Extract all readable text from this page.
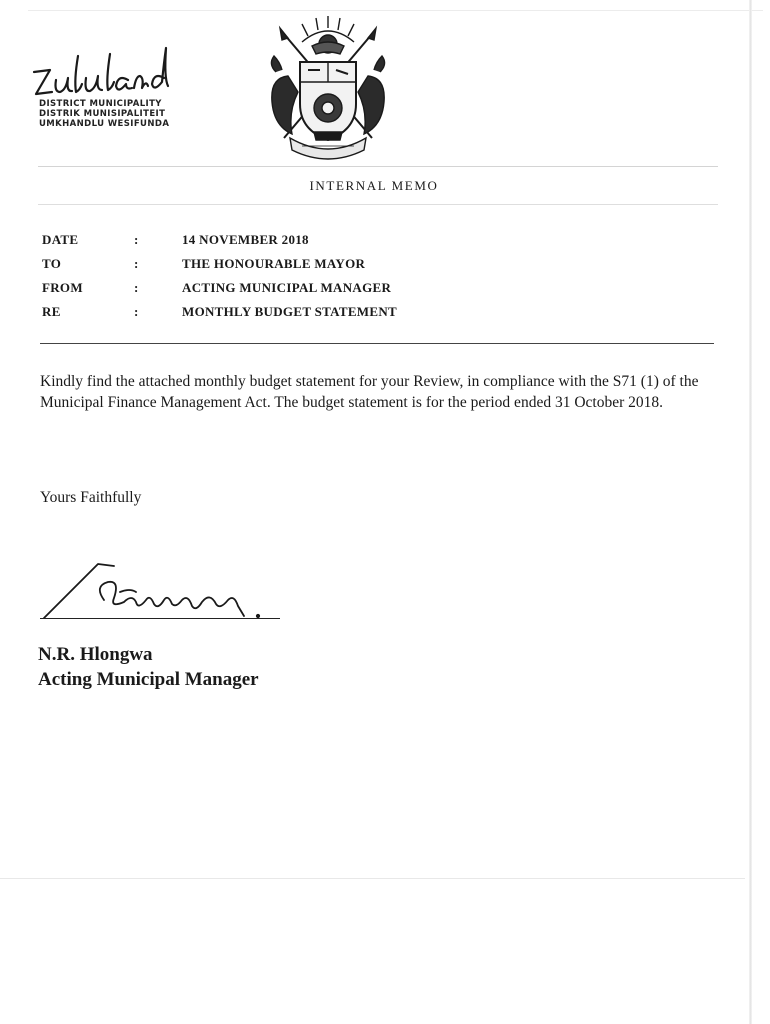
DISTRICT MUNICIPALITY
DISTRIK MUNISIPALITEIT
UMKHANDLU WESIFUNDA
INTERNAL MEMO
DATE	:	14 NOVEMBER 2018
TO	:	THE HONOURABLE MAYOR
FROM	:	ACTING MUNICIPAL MANAGER
RE	:	MONTHLY BUDGET STATEMENT

Kindly find the attached monthly budget statement for your Review, in compliance with the S71 (1) of the Municipal Finance Management Act. The budget statement is for the period ended 31 October 2018.

Yours Faithfully
N.R. Hlongwa
Acting Municipal Manager
